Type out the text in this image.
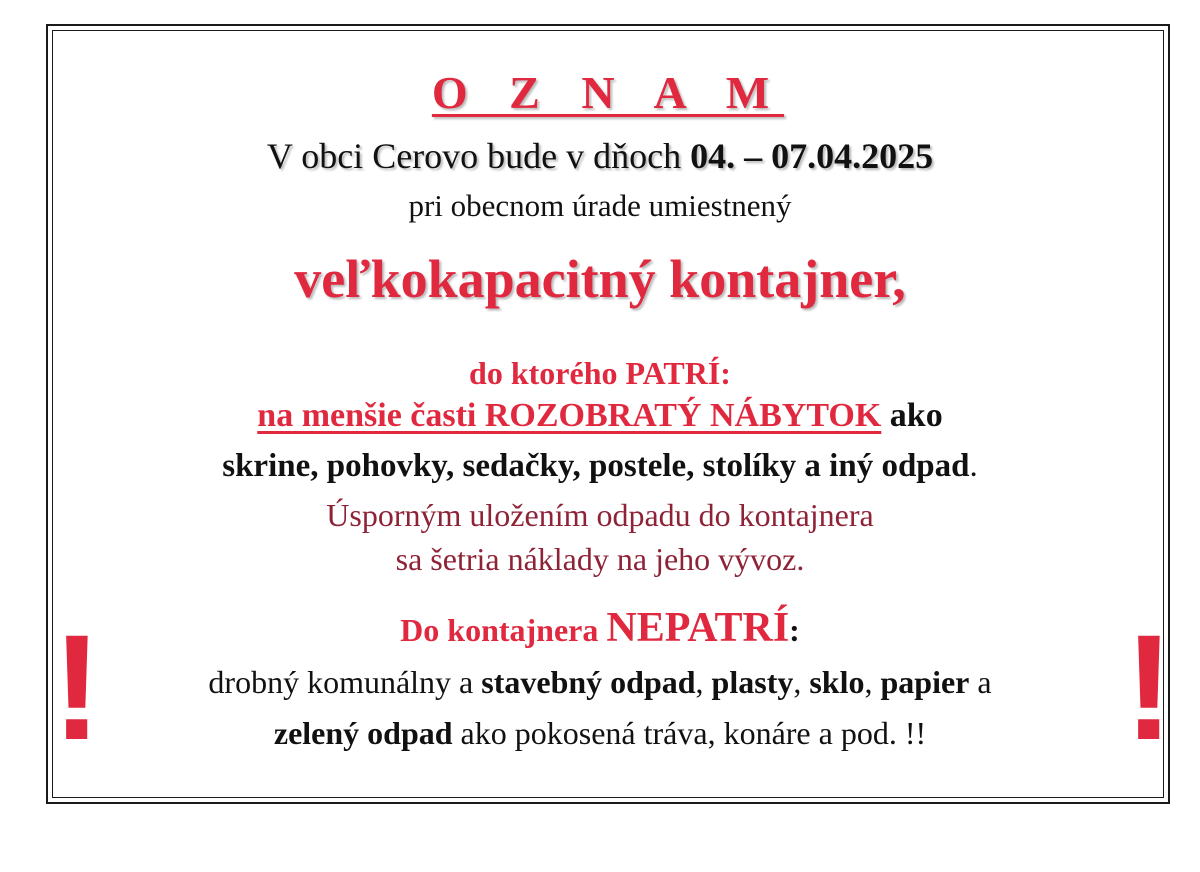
O Z N A M
V obci Cerovo bude v dňoch 04. – 07.04.2025
pri obecnom úrade umiestnený
veľkokapacitný kontajner,
do ktorého PATRÍ:
na menšie časti ROZOBRATÝ NÁBYTOK ako
skrine, pohovky, sedačky, postele, stolíky a iný odpad.
Úsporným uložením odpadu do kontajnera
sa šetria náklady na jeho vývoz.
Do kontajnera NEPATRÍ:
drobný komunálny a stavebný odpad, plasty, sklo, papier a
zelený odpad ako pokosená tráva, konáre a pod. !!
!	!
